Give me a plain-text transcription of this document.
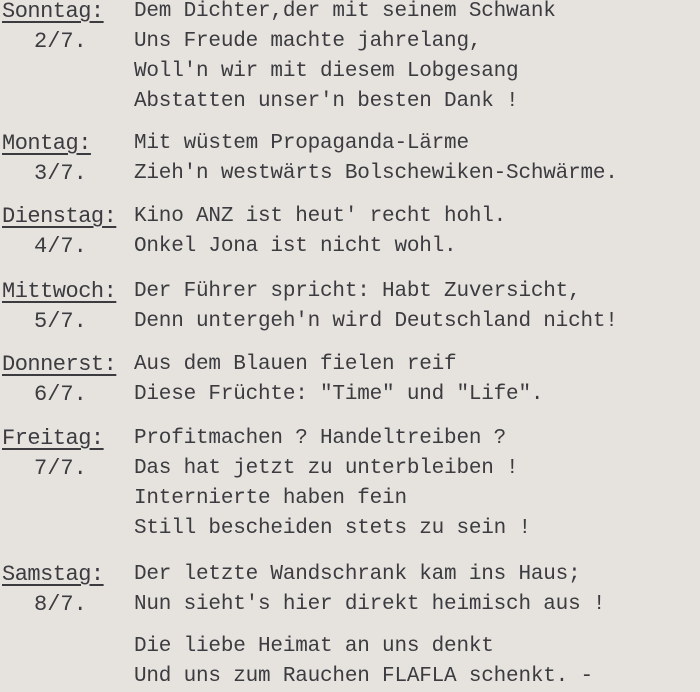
Sonntag:
2/7.
Dem Dichter,der mit seinem Schwank
Uns Freude machte jahrelang,
Woll'n wir mit diesem Lobgesang
Abstatten unser'n besten Dank !
Montag:
3/7.
Mit wüstem Propaganda-Lärme
Zieh'n westwärts Bolschewiken-Schwärme.
Dienstag:
4/7.
Kino ANZ ist heut' recht hohl.
Onkel Jona ist nicht wohl.
Mittwoch:
5/7.
Der Führer spricht: Habt Zuversicht,
Denn untergeh'n wird Deutschland nicht!
Donnerst:
6/7.
Aus dem Blauen fielen reif
Diese Früchte: "Time" und "Life".
Freitag:
7/7.
Profitmachen ? Handeltreiben ?
Das hat jetzt zu unterbleiben !
Internierte haben fein
Still bescheiden stets zu sein !
Samstag:
8/7.
Der letzte Wandschrank kam ins Haus;
Nun sieht's hier direkt heimisch aus !
Die liebe Heimat an uns denkt
Und uns zum Rauchen FLAFLA schenkt. -
